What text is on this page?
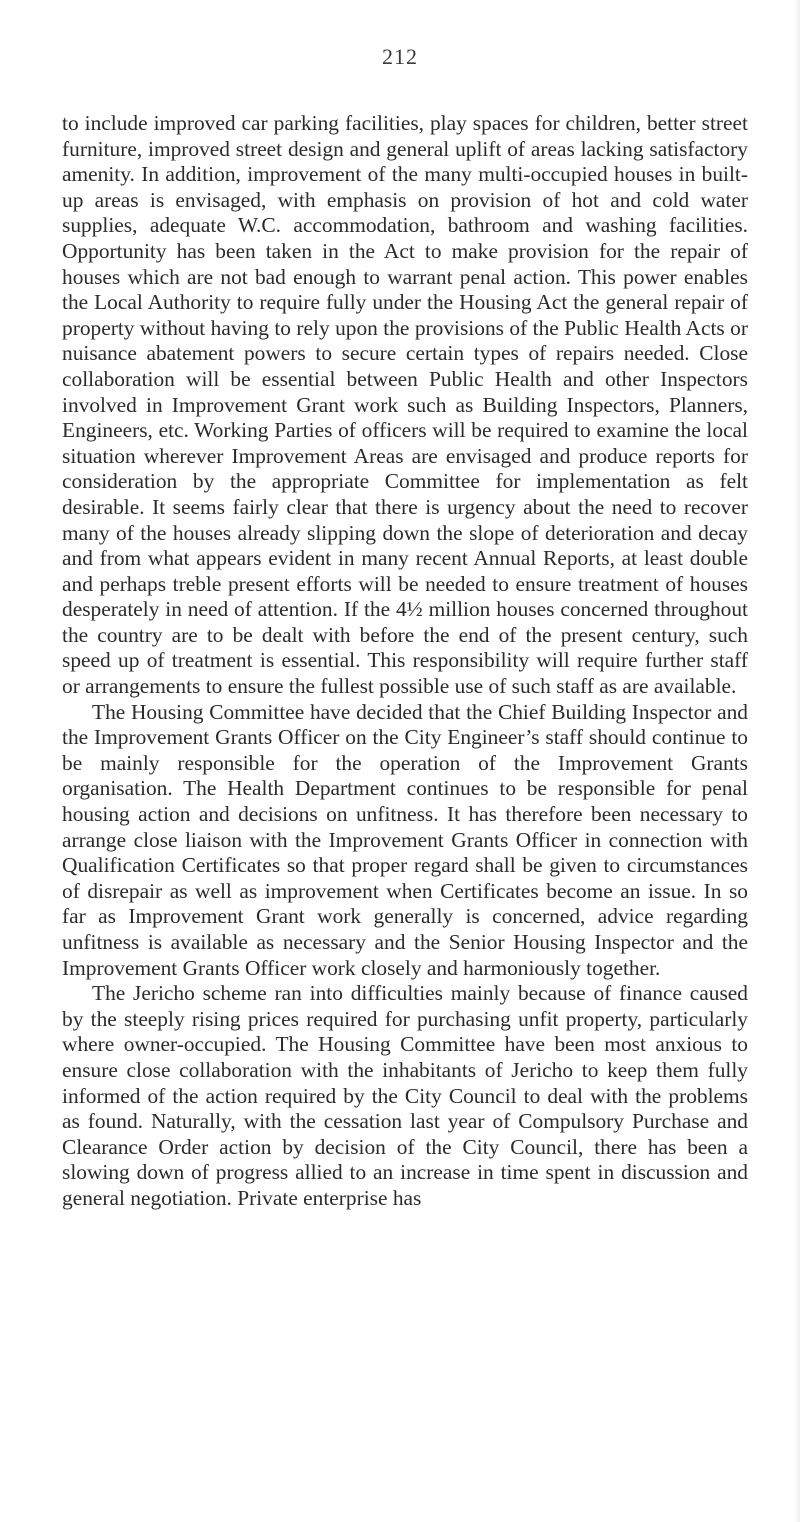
212

to include improved car parking facilities, play spaces for children, better street furniture, improved street design and general uplift of areas lacking satisfactory amenity. In addition, improvement of the many multi-occupied houses in built-up areas is envisaged, with emphasis on provision of hot and cold water supplies, adequate W.C. accommodation, bathroom and washing facilities. Opportunity has been taken in the Act to make provision for the repair of houses which are not bad enough to warrant penal action. This power enables the Local Authority to require fully under the Housing Act the general repair of property without having to rely upon the provisions of the Public Health Acts or nuisance abatement powers to secure certain types of repairs needed. Close collaboration will be essential between Public Health and other Inspectors involved in Improvement Grant work such as Building Inspectors, Planners, Engineers, etc. Working Parties of officers will be required to examine the local situation wherever Improvement Areas are envisaged and produce reports for consideration by the appropriate Committee for implementation as felt desirable. It seems fairly clear that there is urgency about the need to recover many of the houses already slipping down the slope of deterioration and decay and from what appears evident in many recent Annual Reports, at least double and perhaps treble present efforts will be needed to ensure treatment of houses desperately in need of attention. If the 4½ million houses concerned throughout the country are to be dealt with before the end of the present century, such speed up of treatment is essential. This responsibility will require further staff or arrangements to ensure the fullest possible use of such staff as are available.

The Housing Committee have decided that the Chief Building Inspector and the Improvement Grants Officer on the City Engineer’s staff should continue to be mainly responsible for the operation of the Improvement Grants organisation. The Health Department continues to be responsible for penal housing action and decisions on unfitness. It has therefore been necessary to arrange close liaison with the Improvement Grants Officer in connection with Qualification Certificates so that proper regard shall be given to circumstances of disrepair as well as improvement when Certificates become an issue. In so far as Improvement Grant work generally is concerned, advice regarding unfitness is available as necessary and the Senior Housing Inspector and the Improvement Grants Officer work closely and harmoniously together.

The Jericho scheme ran into difficulties mainly because of finance caused by the steeply rising prices required for purchasing unfit property, particularly where owner-occupied. The Housing Committee have been most anxious to ensure close collaboration with the inhabitants of Jericho to keep them fully informed of the action required by the City Council to deal with the problems as found. Naturally, with the cessation last year of Compulsory Purchase and Clearance Order action by decision of the City Council, there has been a slowing down of progress allied to an increase in time spent in discussion and general negotiation. Private enterprise has
